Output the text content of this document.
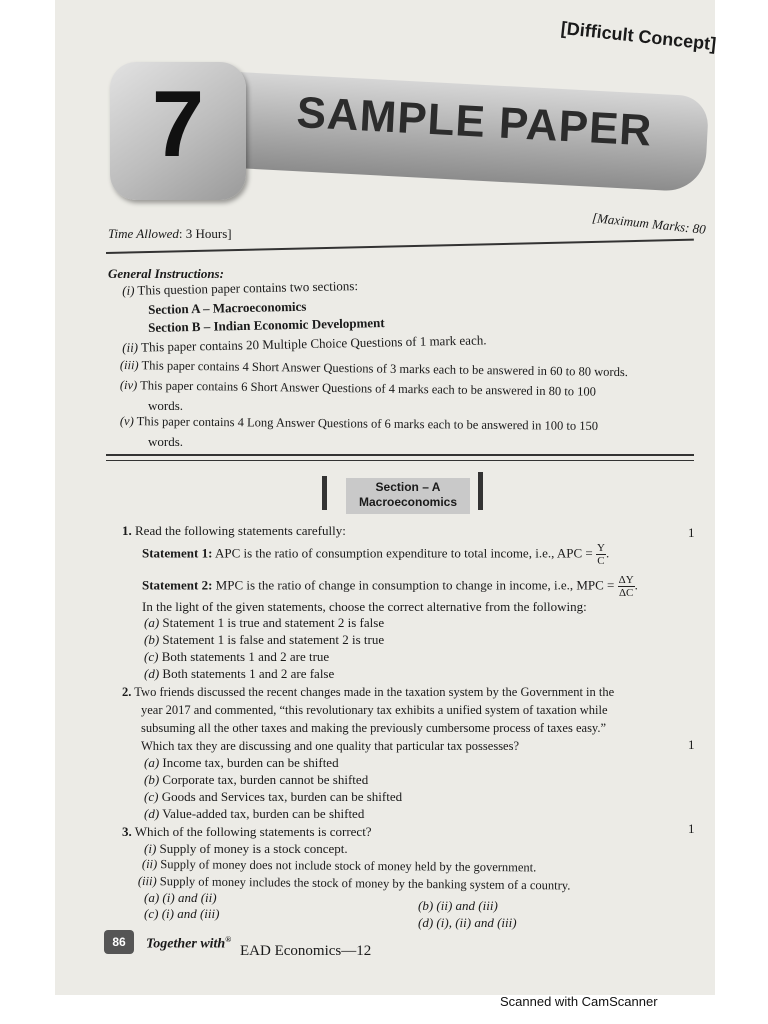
[Difficult Concept]
SAMPLE PAPER
7
Time Allowed: 3 Hours]	[Maximum Marks: 80
General Instructions:
(i) This question paper contains two sections:
Section A – Macroeconomics
Section B – Indian Economic Development
(ii) This paper contains 20 Multiple Choice Questions of 1 mark each.
(iii) This paper contains 4 Short Answer Questions of 3 marks each to be answered in 60 to 80 words.
(iv) This paper contains 6 Short Answer Questions of 4 marks each to be answered in 80 to 100
words.
(v) This paper contains 4 Long Answer Questions of 6 marks each to be answered in 100 to 150
words.
Section – A
Macroeconomics
1. Read the following statements carefully:	1
Statement 1: APC is the ratio of consumption expenditure to total income, i.e., APC = $\frac{Y}{C}$ .
Statement 2: MPC is the ratio of change in consumption to change in income, i.e., MPC = $\frac{\Delta Y}{\Delta C}$ .
In the light of the given statements, choose the correct alternative from the following:
(a) Statement 1 is true and statement 2 is false
(b) Statement 1 is false and statement 2 is true
(c) Both statements 1 and 2 are true
(d) Both statements 1 and 2 are false
2. Two friends discussed the recent changes made in the taxation system by the Government in the
year 2017 and commented, “this revolutionary tax exhibits a unified system of taxation while
subsuming all the other taxes and making the previously cumbersome process of taxes easy.”
Which tax they are discussing and one quality that particular tax possesses?	1
(a) Income tax, burden can be shifted
(b) Corporate tax, burden cannot be shifted
(c) Goods and Services tax, burden can be shifted
(d) Value-added tax, burden can be shifted
3. Which of the following statements is correct?	1
(i) Supply of money is a stock concept.
(ii) Supply of money does not include stock of money held by the government.
(iii) Supply of money includes the stock of money by the banking system of a country.
(a) (i) and (ii)
(b) (ii) and (iii)
(c) (i) and (iii)
(d) (i), (ii) and (iii)
86	Together with®
EAD Economics—12
Scanned with CamScanner
